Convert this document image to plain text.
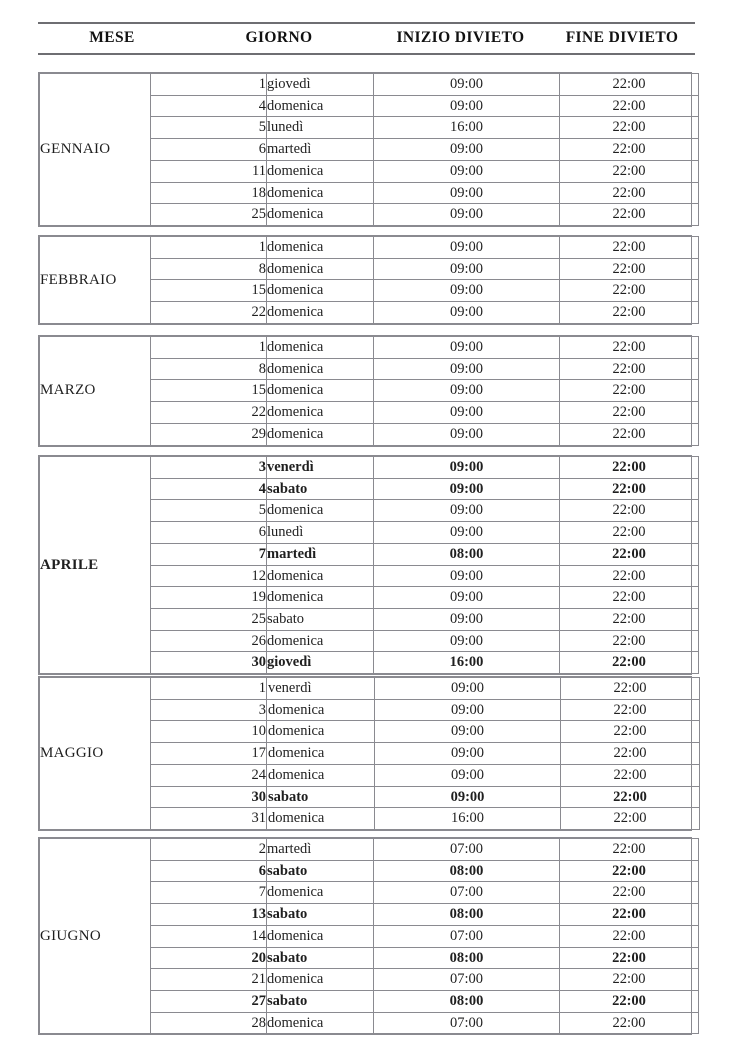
MESE	GIORNO	INIZIO DIVIETO	FINE DIVIETO
GENNAIO	1	giovedì	09:00	22:00
	4	domenica	09:00	22:00
	5	lunedì	16:00	22:00
	6	martedì	09:00	22:00
	11	domenica	09:00	22:00
	18	domenica	09:00	22:00
	25	domenica	09:00	22:00
FEBBRAIO	1	domenica	09:00	22:00
	8	domenica	09:00	22:00
	15	domenica	09:00	22:00
	22	domenica	09:00	22:00
MARZO	1	domenica	09:00	22:00
	8	domenica	09:00	22:00
	15	domenica	09:00	22:00
	22	domenica	09:00	22:00
	29	domenica	09:00	22:00
APRILE	3	venerdì	09:00	22:00
	4	sabato	09:00	22:00
	5	domenica	09:00	22:00
	6	lunedì	09:00	22:00
	7	martedì	08:00	22:00
	12	domenica	09:00	22:00
	19	domenica	09:00	22:00
	25	sabato	09:00	22:00
	26	domenica	09:00	22:00
	30	giovedì	16:00	22:00
MAGGIO	1	venerdì	09:00	22:00
	3	domenica	09:00	22:00
	10	domenica	09:00	22:00
	17	domenica	09:00	22:00
	24	domenica	09:00	22:00
	30	sabato	09:00	22:00
	31	domenica	16:00	22:00
GIUGNO	2	martedì	07:00	22:00
	6	sabato	08:00	22:00
	7	domenica	07:00	22:00
	13	sabato	08:00	22:00
	14	domenica	07:00	22:00
	20	sabato	08:00	22:00
	21	domenica	07:00	22:00
	27	sabato	08:00	22:00
	28	domenica	07:00	22:00
